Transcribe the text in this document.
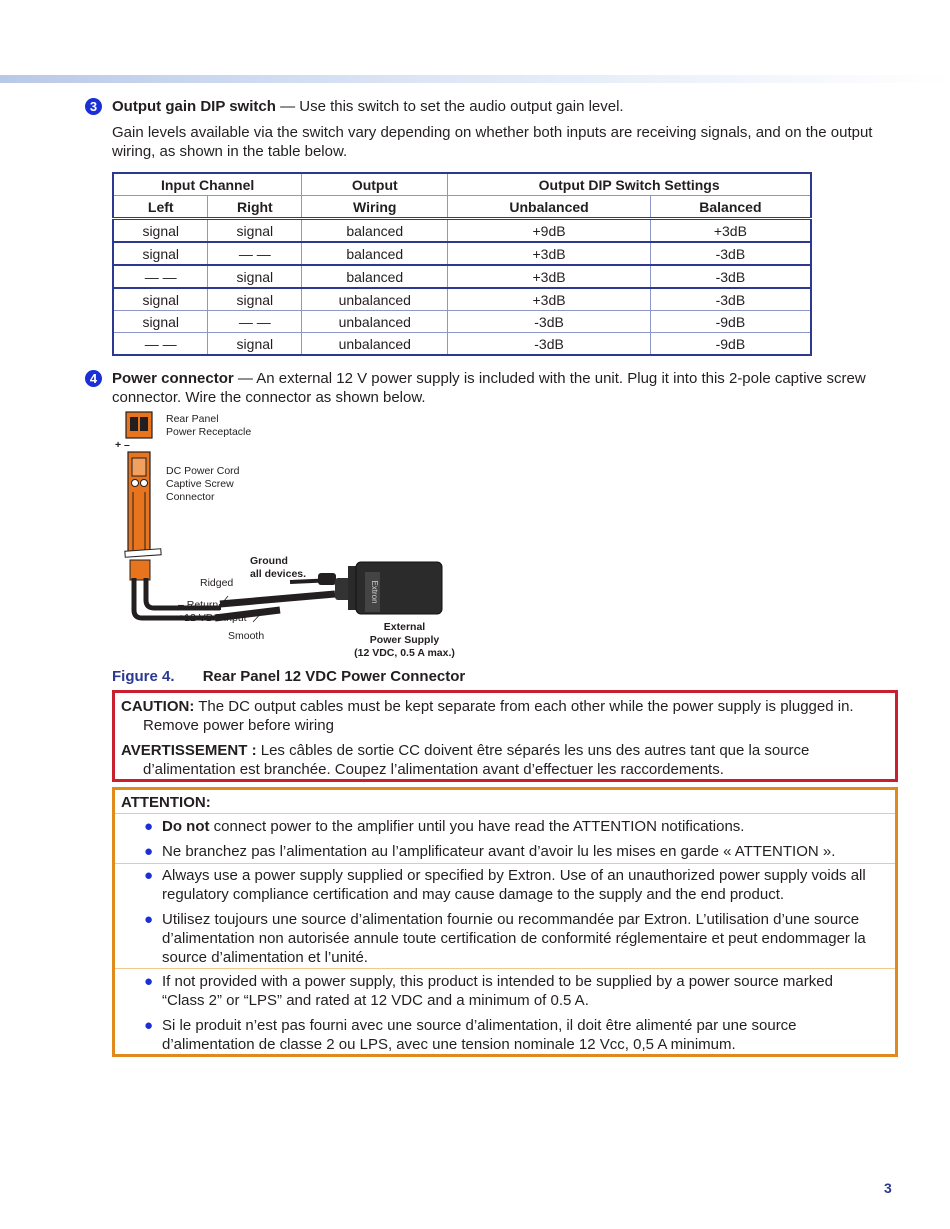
3 Output gain DIP switch — Use this switch to set the audio output gain level.
Gain levels available via the switch vary depending on whether both inputs are receiving signals, and on the output wiring, as shown in the table below.
Input Channel		Output	Output DIP Switch Settings	
Left	Right	Wiring	Unbalanced	Balanced
signal	signal	balanced	+9dB	+3dB
signal	— —	balanced	+3dB	-3dB
— —	signal	balanced	+3dB	-3dB
signal	signal	unbalanced	+3dB	-3dB
signal	— —	unbalanced	-3dB	-9dB
— —	signal	unbalanced	-3dB	-9dB
4 Power connector — An external 12 V power supply is included with the unit. Plug it into this 2-pole captive screw connector. Wire the connector as shown below.
Extron
+ –
Rear Panel
Power Receptacle
DC Power Cord
Captive Screw
Connector
Ground
all devices.
Ridged
– Return
+12 VDC input
Smooth
External
Power Supply
(12 VDC, 0.5 A max.)
Figure 4. Rear Panel 12 VDC Power Connector
CAUTION: The DC output cables must be kept separate from each other while the power supply is plugged in. Remove power before wiring
AVERTISSEMENT : Les câbles de sortie CC doivent être séparés les uns des autres tant que la source d’alimentation est branchée. Coupez l’alimentation avant d’effectuer les raccordements.
ATTENTION:
● Do not connect power to the amplifier until you have read the ATTENTION notifications.
● Ne branchez pas l’alimentation au l’amplificateur avant d’avoir lu les mises en garde « ATTENTION ».
● Always use a power supply supplied or specified by Extron. Use of an unauthorized power supply voids all regulatory compliance certification and may cause damage to the supply and the end product.
● Utilisez toujours une source d’alimentation fournie ou recommandée par Extron. L’utilisation d’une source d’alimentation non autorisée annule toute certification de conformité réglementaire et peut endommager la source d’alimentation et l’unité.
● If not provided with a power supply, this product is intended to be supplied by a power source marked “Class 2” or “LPS” and rated at 12 VDC and a minimum of 0.5 A.
● Si le produit n’est pas fourni avec une source d’alimentation, il doit être alimenté par une source d’alimentation de classe 2 ou LPS, avec une tension nominale 12 Vcc, 0,5 A minimum.
3
